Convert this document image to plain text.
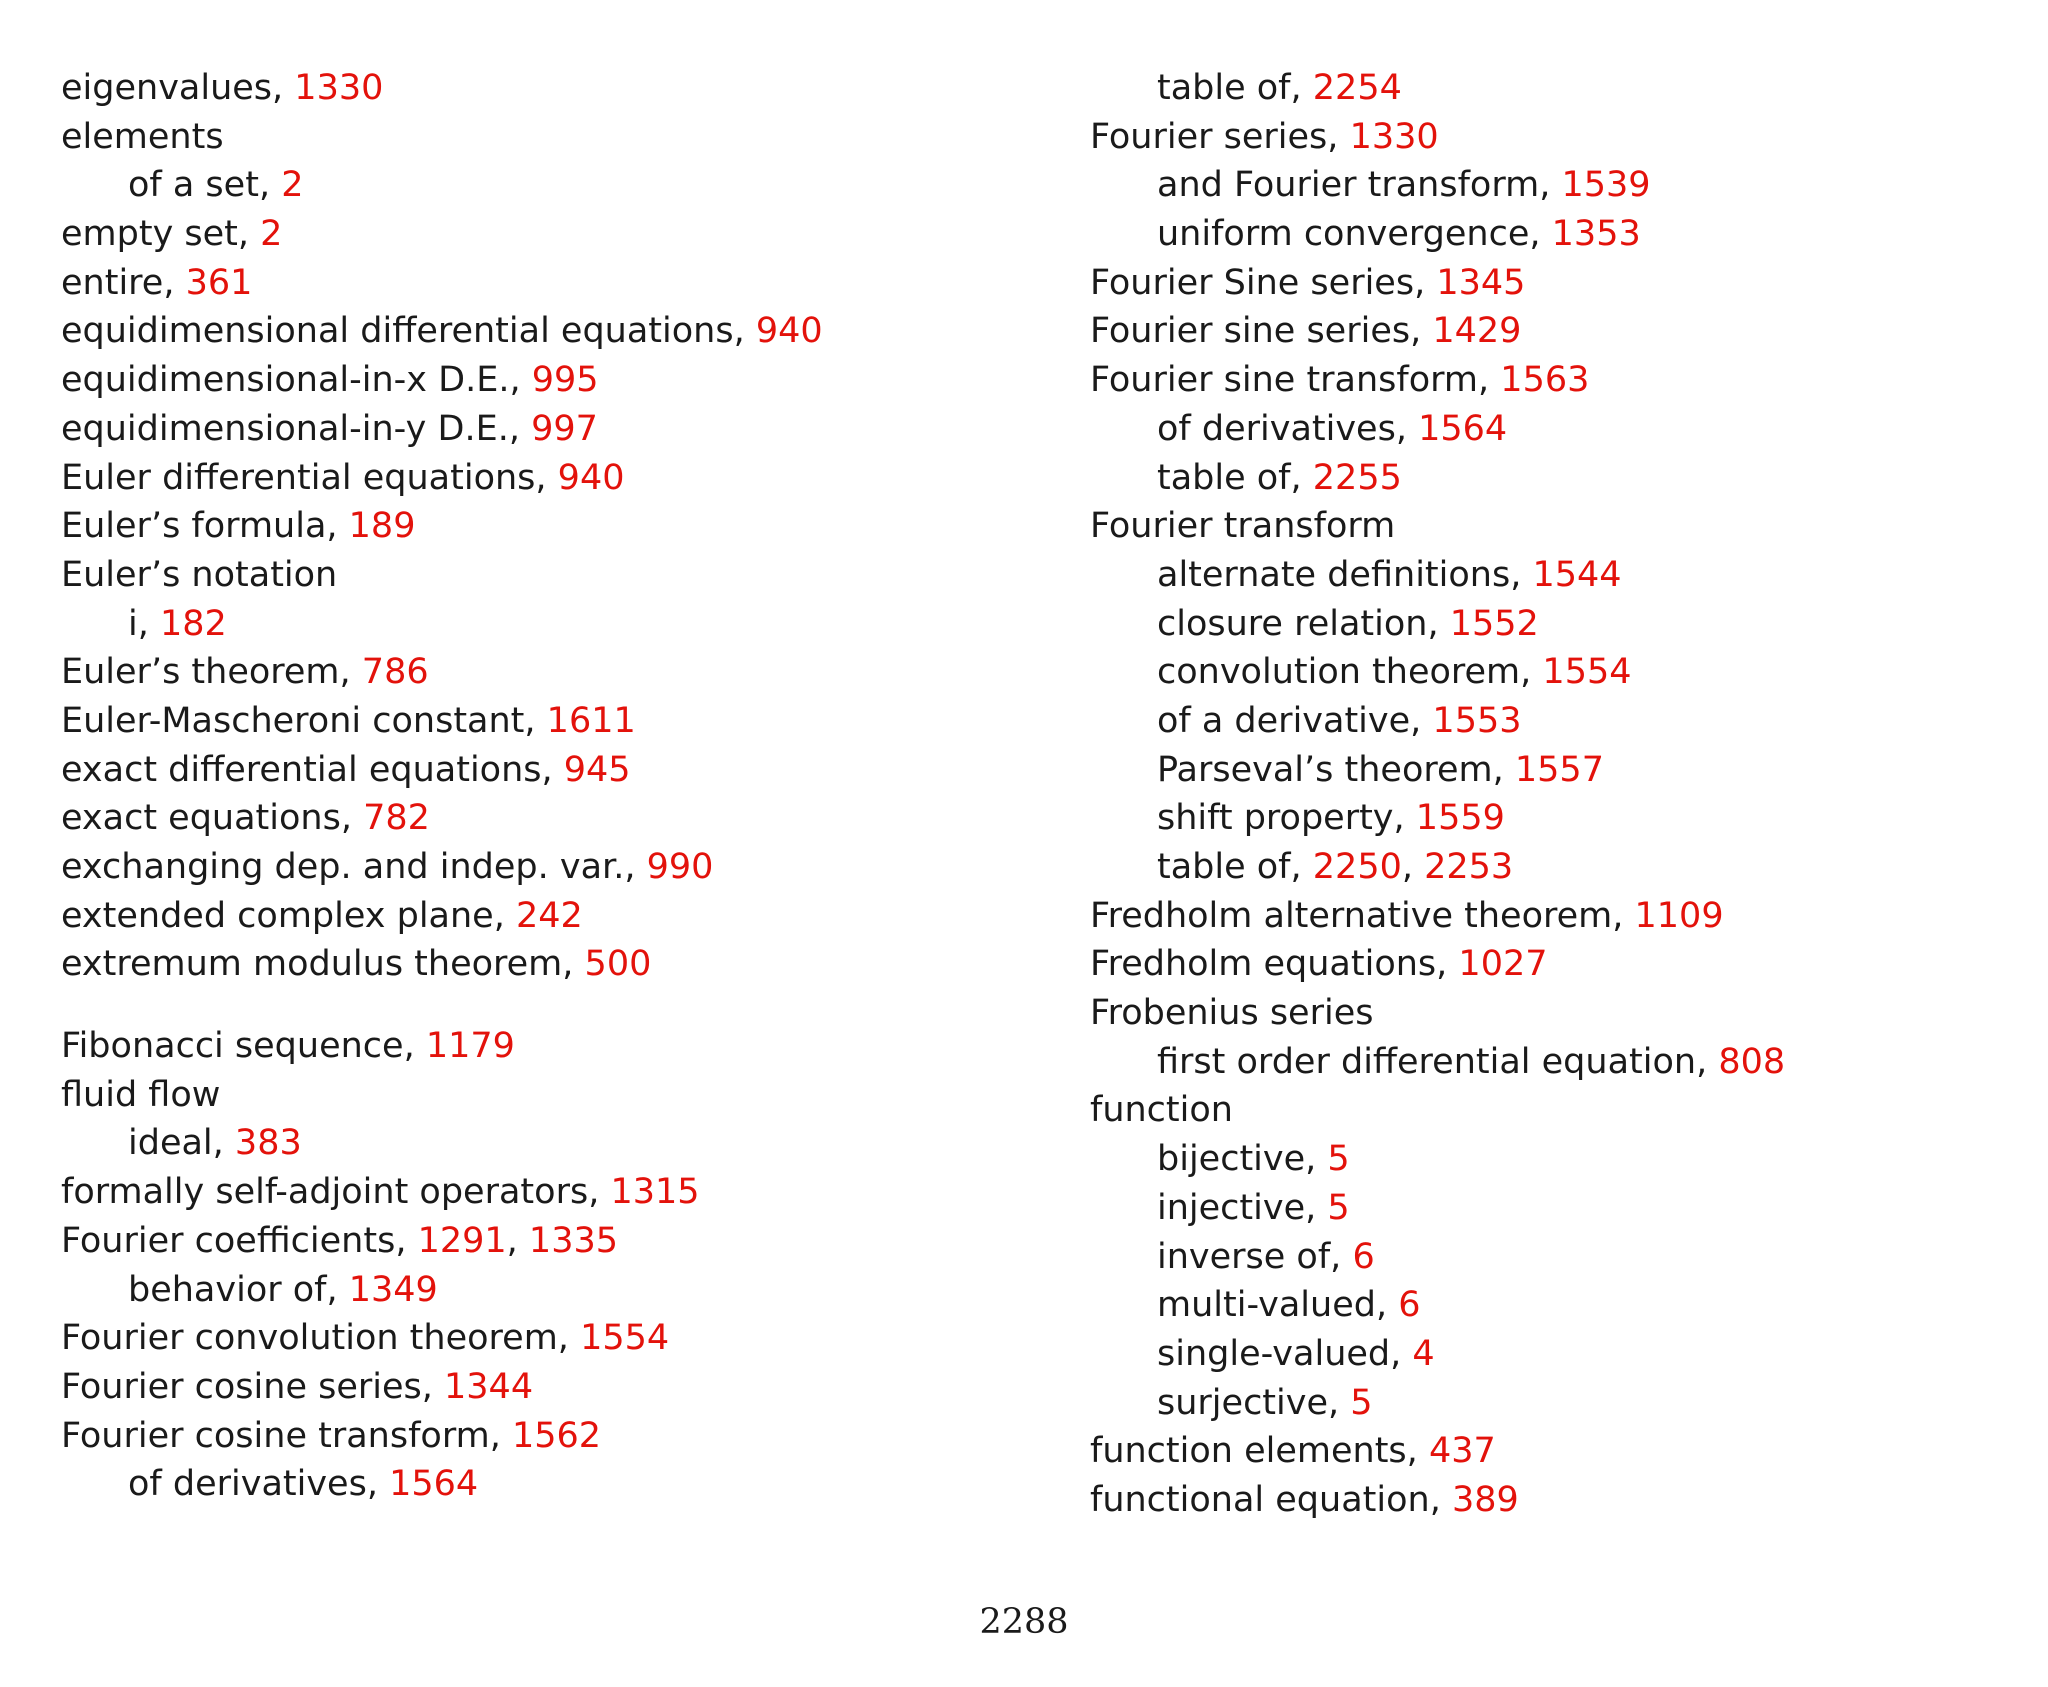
eigenvalues, 1330
elements
of a set, 2
empty set, 2
entire, 361
equidimensional differential equations, 940
equidimensional-in-x D.E., 995
equidimensional-in-y D.E., 997
Euler differential equations, 940
Euler’s formula, 189
Euler’s notation
i, 182
Euler’s theorem, 786
Euler-Mascheroni constant, 1611
exact differential equations, 945
exact equations, 782
exchanging dep. and indep. var., 990
extended complex plane, 242
extremum modulus theorem, 500
Fibonacci sequence, 1179
fluid flow
ideal, 383
formally self-adjoint operators, 1315
Fourier coefficients, 1291, 1335
behavior of, 1349
Fourier convolution theorem, 1554
Fourier cosine series, 1344
Fourier cosine transform, 1562
of derivatives, 1564
table of, 2254
Fourier series, 1330
and Fourier transform, 1539
uniform convergence, 1353
Fourier Sine series, 1345
Fourier sine series, 1429
Fourier sine transform, 1563
of derivatives, 1564
table of, 2255
Fourier transform
alternate definitions, 1544
closure relation, 1552
convolution theorem, 1554
of a derivative, 1553
Parseval’s theorem, 1557
shift property, 1559
table of, 2250, 2253
Fredholm alternative theorem, 1109
Fredholm equations, 1027
Frobenius series
first order differential equation, 808
function
bijective, 5
injective, 5
inverse of, 6
multi-valued, 6
single-valued, 4
surjective, 5
function elements, 437
functional equation, 389
2288
